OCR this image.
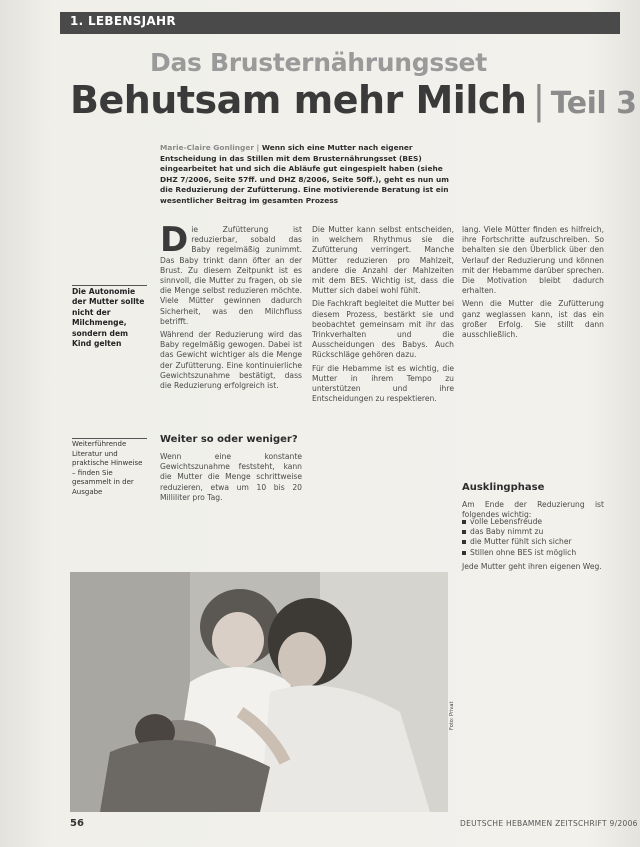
1. LEBENSJAHR
Das Brusternährungsset
Behutsam mehr Milch | Teil 3
Marie-Claire Gonlinger | Wenn sich eine Mutter nach eigener Entscheidung in das Stillen mit dem Brusternährungsset (BES) eingearbeitet hat und sich die Abläufe gut eingespielt haben (siehe DHZ 7/2006, Seite 57ff. und DHZ 8/2006, Seite 50ff.), geht es nun um die Reduzierung der Zufütterung. Eine motivierende Beratung ist ein wesentlicher Beitrag im gesamten Prozess
Die Autonomie der Mutter sollte nicht der Milchmenge, sondern dem Kind gelten
Weiterführende Literatur und praktische Hinweise – finden Sie gesammelt in der Ausgabe
Die Zufütterung ist reduzierbar, sobald das Baby regelmäßig zunimmt. Das Baby trinkt dann öfter an der Brust. Zu diesem Zeitpunkt ist es sinnvoll, die Mutter zu fragen, ob sie die Menge selbst reduzieren möchte. Viele Mütter gewinnen dadurch Sicherheit, was den Milchfluss betrifft.

Während der Reduzierung wird das Baby regelmäßig gewogen. Dabei ist das Gewicht wichtiger als die Menge der Zufütterung. Eine kontinuierliche Gewichtszunahme bestätigt, dass die Reduzierung erfolgreich ist.

Weiter so oder weniger?
Wenn eine konstante Gewichtszunahme feststeht, kann die Mutter die Menge schrittweise reduzieren, etwa um 10 bis 20 Milliliter pro Tag.

Die Mutter kann selbst entscheiden, in welchem Rhythmus sie die Zufütterung verringert. Manche Mütter reduzieren pro Mahlzeit, andere die Anzahl der Mahlzeiten mit dem BES. Wichtig ist, dass die Mutter sich dabei wohl fühlt.

Die Fachkraft begleitet die Mutter bei diesem Prozess, bestärkt sie und beobachtet gemeinsam mit ihr das Trinkverhalten und die Ausscheidungen des Babys. Auch Rückschläge gehören dazu.

Für die Hebamme ist es wichtig, die Mutter in ihrem Tempo zu unterstützen und ihre Entscheidungen zu respektieren.

lang. Viele Mütter finden es hilfreich, ihre Fortschritte aufzuschreiben. So behalten sie den Überblick über den Verlauf der Reduzierung und können mit der Hebamme darüber sprechen. Die Motivation bleibt dadurch erhalten.

Wenn die Mutter die Zufütterung ganz weglassen kann, ist das ein großer Erfolg. Sie stillt dann ausschließlich.

Ausklingphase
Am Ende der Reduzierung ist folgendes wichtig:
volle Lebensfreude
das Baby nimmt zu
die Mutter fühlt sich sicher
Stillen ohne BES ist möglich
Jede Mutter geht ihren eigenen Weg.
Foto: Privat
56	DEUTSCHE HEBAMMEN ZEITSCHRIFT 9/2006
